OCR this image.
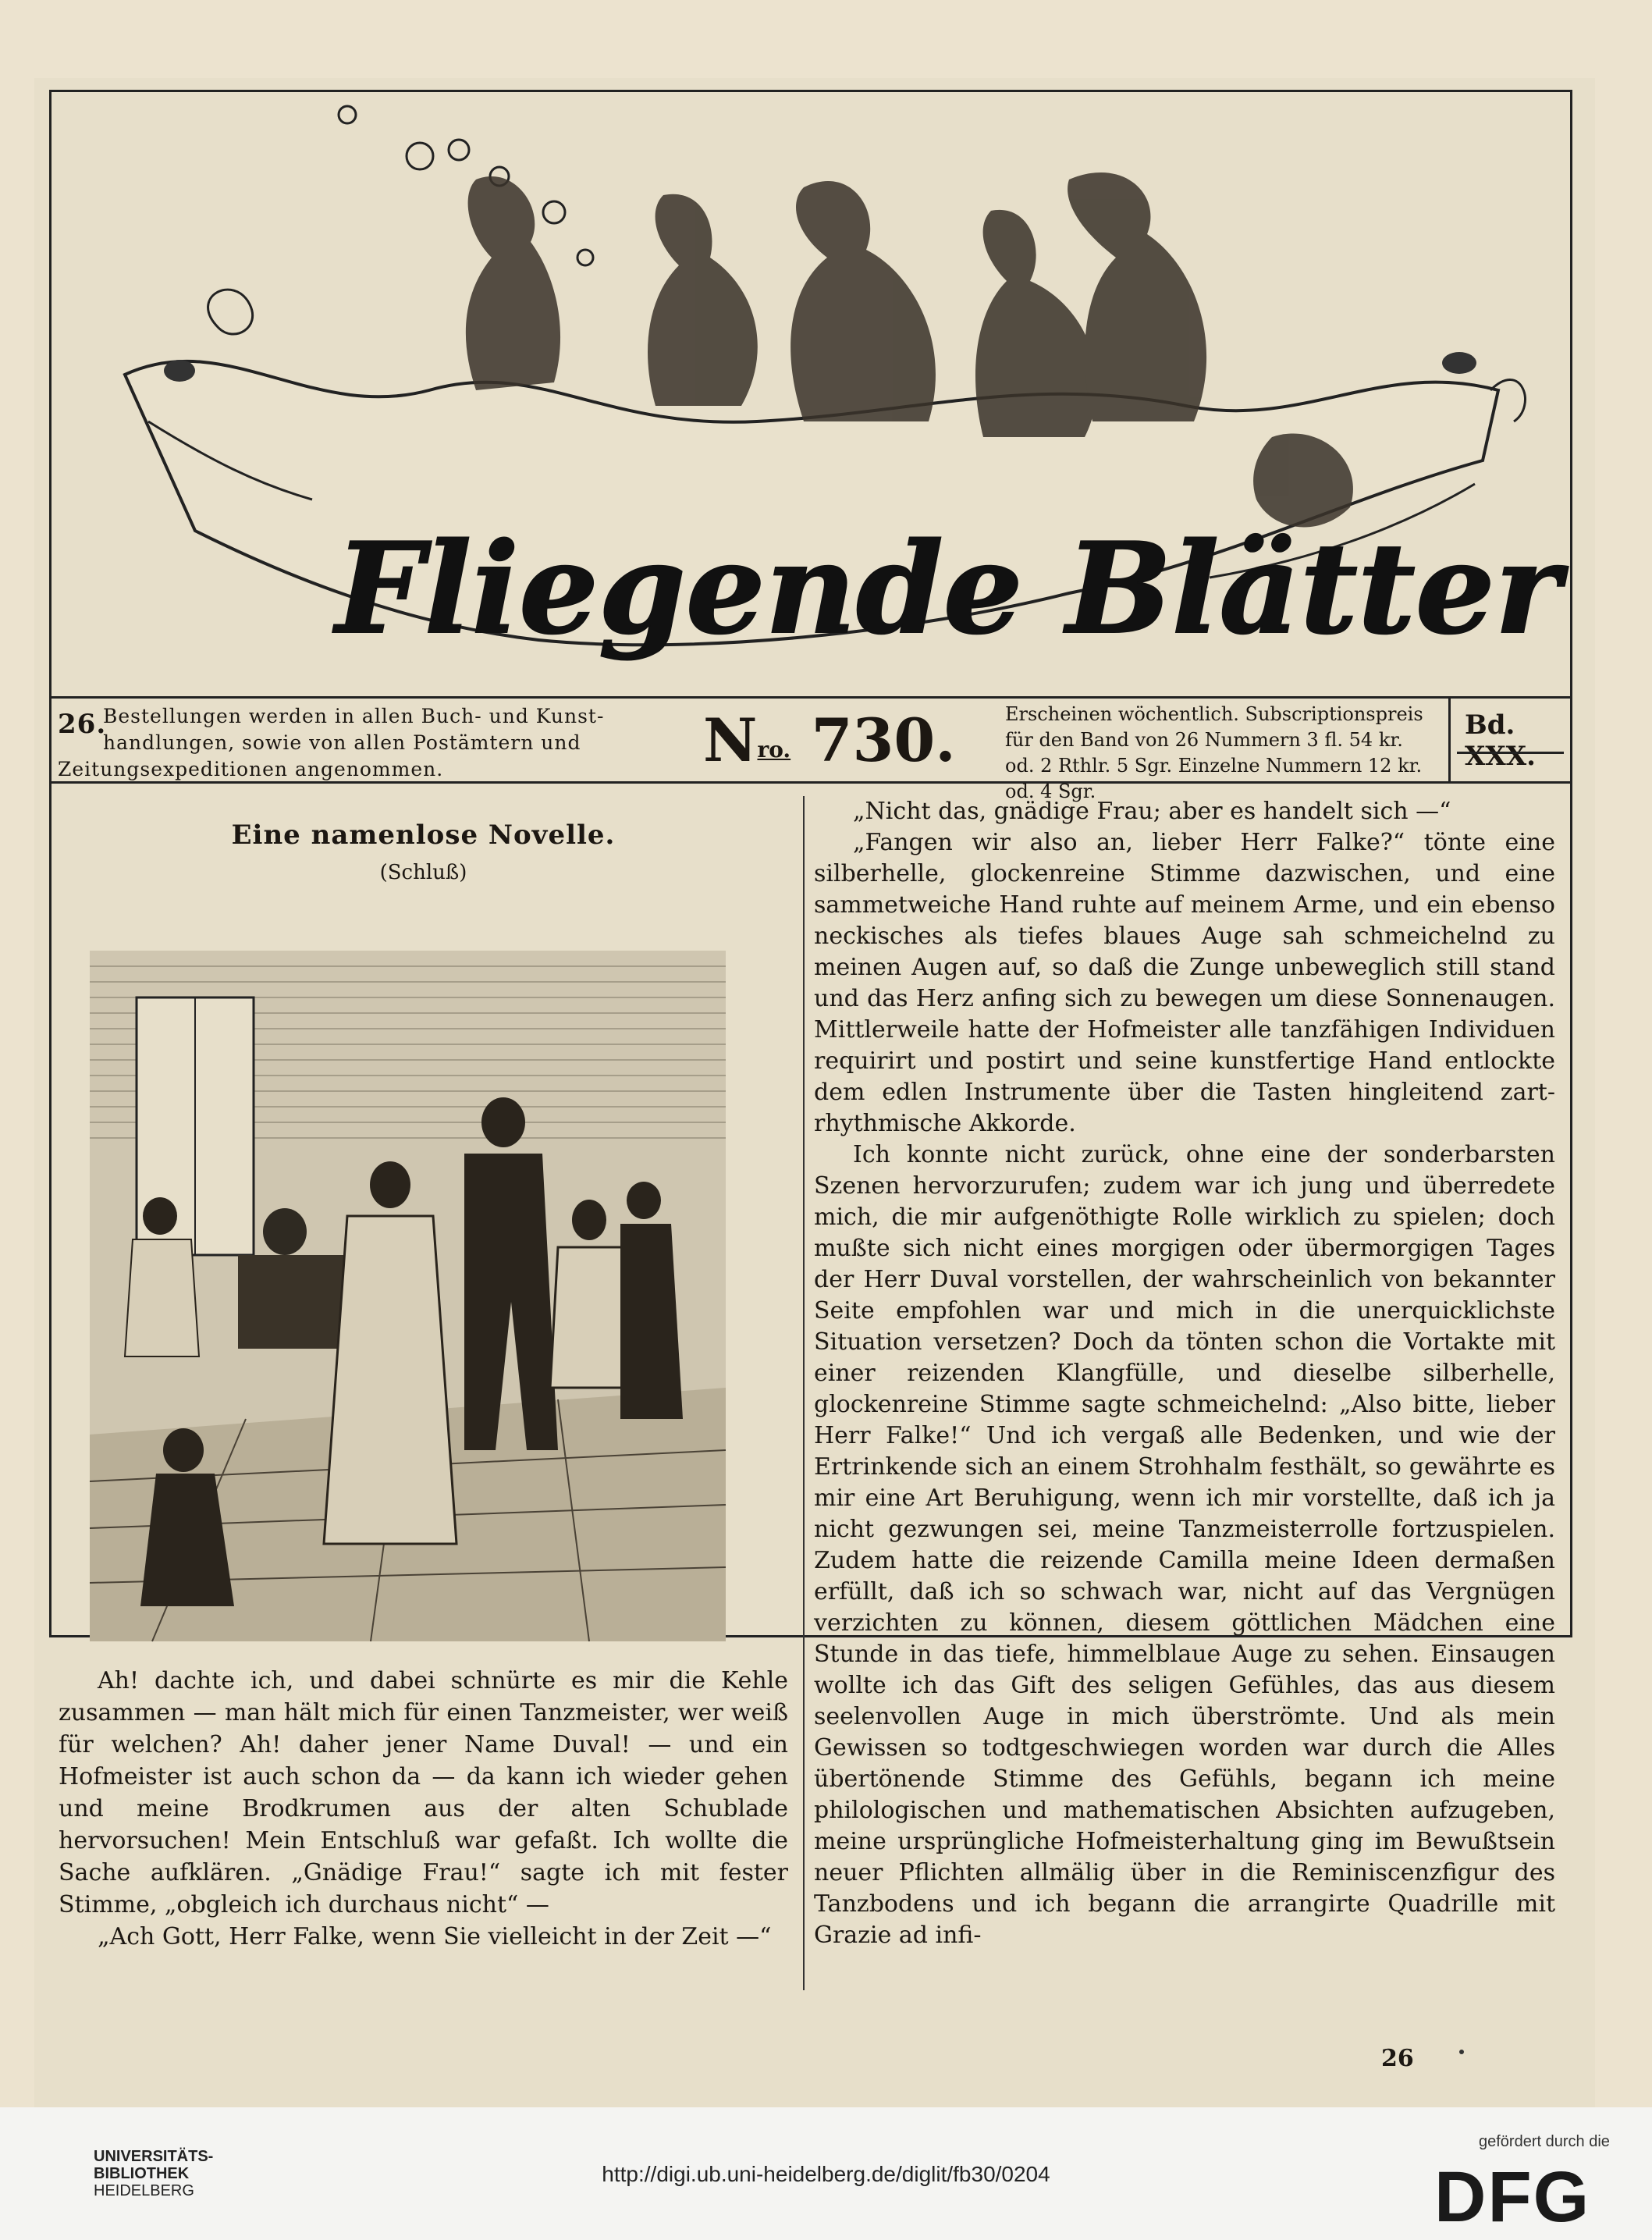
Fliegende Blätter
26.
Bestellungen werden in allen Buch- und Kunst-
handlungen, sowie von allen Postämtern und
Zeitungsexpeditionen angenommen.	$N^{ro.}$ 730.	Erscheinen wöchentlich. Subscriptionspreis
für den Band von 26 Nummern 3 fl. 54 kr.
od. 2 Rthlr. 5 Sgr. Einzelne Nummern 12 kr. od. 4 Sgr.
Bd. XXX.
Eine namenlose Novelle.
(Schluß)

Ah! dachte ich, und dabei schnürte es mir die Kehle zusammen — man hält mich für einen Tanzmeister, wer weiß für welchen? Ah! daher jener Name Duval! — und ein Hofmeister ist auch schon da — da kann ich wieder gehen und meine Brodkrumen aus der alten Schublade hervorsuchen! Mein Entschluß war gefaßt. Ich wollte die Sache aufklären. „Gnädige Frau!“ sagte ich mit fester Stimme, „obgleich ich durchaus nicht“ —

„Ach Gott, Herr Falke, wenn Sie vielleicht in der Zeit —“

„Nicht das, gnädige Frau; aber es handelt sich —“

„Fangen wir also an, lieber Herr Falke?“ tönte eine silberhelle, glockenreine Stimme dazwischen, und eine sammetweiche Hand ruhte auf meinem Arme, und ein ebenso neckisches als tiefes blaues Auge sah schmeichelnd zu meinen Augen auf, so daß die Zunge unbeweglich still stand und das Herz anfing sich zu bewegen um diese Sonnenaugen. Mittlerweile hatte der Hofmeister alle tanzfähigen Individuen requirirt und postirt und seine kunstfertige Hand entlockte dem edlen Instrumente über die Tasten hingleitend zart-rhythmische Akkorde.

Ich konnte nicht zurück, ohne eine der sonderbarsten Szenen hervorzurufen; zudem war ich jung und überredete mich, die mir aufgenöthigte Rolle wirklich zu spielen; doch mußte sich nicht eines morgigen oder übermorgigen Tages der Herr Duval vorstellen, der wahrscheinlich von bekannter Seite empfohlen war und mich in die unerquicklichste Situation versetzen? Doch da tönten schon die Vortakte mit einer reizenden Klangfülle, und dieselbe silberhelle, glockenreine Stimme sagte schmeichelnd: „Also bitte, lieber Herr Falke!“ Und ich vergaß alle Bedenken, und wie der Ertrinkende sich an einem Strohhalm festhält, so gewährte es mir eine Art Beruhigung, wenn ich mir vorstellte, daß ich ja nicht gezwungen sei, meine Tanzmeisterrolle fortzuspielen. Zudem hatte die reizende Camilla meine Ideen dermaßen erfüllt, daß ich so schwach war, nicht auf das Vergnügen verzichten zu können, diesem göttlichen Mädchen eine Stunde in das tiefe, himmelblaue Auge zu sehen. Einsaugen wollte ich das Gift des seligen Gefühles, das aus diesem seelenvollen Auge in mich überströmte. Und als mein Gewissen so todtgeschwiegen worden war durch die Alles übertönende Stimme des Gefühls, begann ich meine philologischen und mathematischen Absichten aufzugeben, meine ursprüngliche Hofmeisterhaltung ging im Bewußtsein neuer Pflichten allmälig über in die Reminiscenzfigur des Tanzbodens und ich begann die arrangirte Quadrille mit Grazie ad infi-

26
UNIVERSITÄTS-
BIBLIOTHEK
HEIDELBERG
http://digi.ub.uni-heidelberg.de/diglit/fb30/0204
gefördert durch die
DFG
